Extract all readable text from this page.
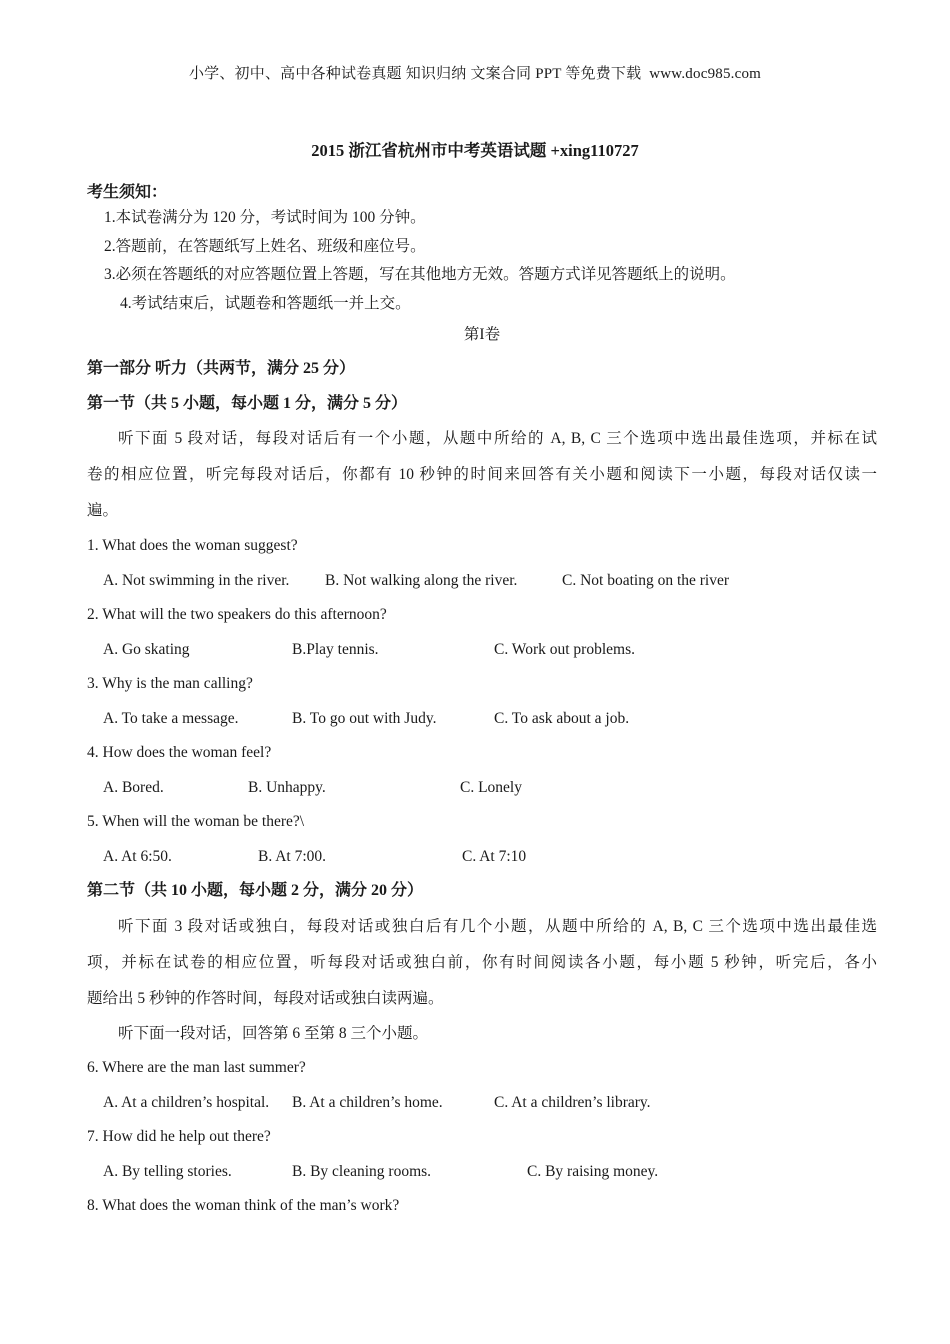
小学、初中、高中各种试卷真题 知识归纳 文案合同 PPT 等免费下载  www.doc985.com
2015 浙江省杭州市中考英语试题 +xing110727
考生须知：
1.本试卷满分为 120 分，考试时间为 100 分钟。
2.答题前，在答题纸写上姓名、班级和座位号。
3.必须在答题纸的对应答题位置上答题，写在其他地方无效。答题方式详见答题纸上的说明。
4.考试结束后，试题卷和答题纸一并上交。
第I卷
第一部分 听力（共两节，满分 25 分）
第一节（共 5 小题，每小题 1 分，满分 5 分）
听下面 5 段对话，每段对话后有一个小题，从题中所给的 A, B, C 三个选项中选出最佳选项，并标在试
卷的相应位置，听完每段对话后，你都有 10 秒钟的时间来回答有关小题和阅读下一小题，每段对话仅读一
遍。
1. What does the woman suggest?
A. Not swimming in the river.	B. Not walking along the river.	C. Not boating on the river
2. What will the two speakers do this afternoon?
A. Go skating	B.Play tennis.	C. Work out problems.
3. Why is the man calling?
A. To take a message.	B. To go out with Judy.	C. To ask about a job.
4. How does the woman feel?
A. Bored.	B. Unhappy.	C. Lonely
5. When will the woman be there?\
A. At 6:50.	B. At 7:00.	C. At 7:10
第二节（共 10 小题，每小题 2 分，满分 20 分）
听下面 3 段对话或独白，每段对话或独白后有几个小题，从题中所给的 A, B, C 三个选项中选出最佳选
项，并标在试卷的相应位置，听每段对话或独白前，你有时间阅读各小题，每小题 5 秒钟，听完后，各小
题给出 5 秒钟的作答时间，每段对话或独白读两遍。
听下面一段对话，回答第 6 至第 8 三个小题。
6. Where are the man last summer?
A. At a children’s hospital.	B. At a children’s home.	C. At a children’s library.
7. How did he help out there?
A. By telling stories.	B. By cleaning rooms.	C. By raising money.
8. What does the woman think of the man’s work?
